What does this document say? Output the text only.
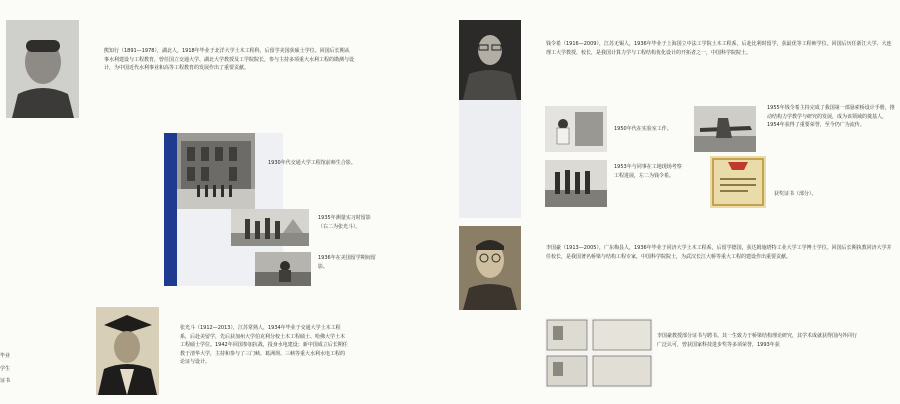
熊知行（1891—1978），湖北人，1918年毕业于北洋大学土木工程科，后留学美国获硕士学位。回国后长期从事水利建设与工程教育，曾任国立交通大学、湖北大学教授及工学院院长，参与主持多项重大水利工程的勘测与设计，为中国近代水利事业和高等工程教育的发展作出了重要贡献。
1930年代交通大学工程馆前师生合影。
1935年测量实习时留影（右二为张光斗）。
1936年在美国留学期间留影。
张光斗（1912—2013），江苏常熟人，1934年毕业于交通大学土木工程系，后赴美留学，先后获加州大学伯克利分校土木工程硕士、哈佛大学土木工程硕士学位。1942年回国参加抗战，投身水电建设；新中国成立后长期任教于清华大学，主持和参与了三门峡、葛洲坝、三峡等重大水利水电工程的论证与设计。
毕业
学生
证书
钱令希（1916—2009），江苏无锡人，1936年毕业于上海国立中法工学院土木工程系，后赴比利时留学，获最优等工程师学位。回国后历任浙江大学、大连理工大学教授、校长，是我国计算力学与工程结构优化设计的开拓者之一，中国科学院院士。
1950年代在实验室工作。
1955年钱令希主持完成了我国第一部悬索桥设计手册，推动结构力学教学与研究的发展，成为该领域的奠基人，1954年获得了重要荣誉，至今仍广为流传。
1953年与同事在工地现场考察工程进展，左二为钱令希。
获奖证书（部分）。
李国豪（1913—2005），广东梅县人，1936年毕业于同济大学土木工程系，后留学德国，获达姆施塔特工业大学工学博士学位。回国后长期执教同济大学并任校长，是我国著名桥梁与结构工程专家，中国科学院院士，为武汉长江大桥等重大工程的建设作出重要贡献。
李国豪教授部分证书与聘书。其一生致力于桥梁结构理论研究，其学术成就获得国内外同行广泛认可，曾获国家科技进步奖等多项荣誉，1993年获
